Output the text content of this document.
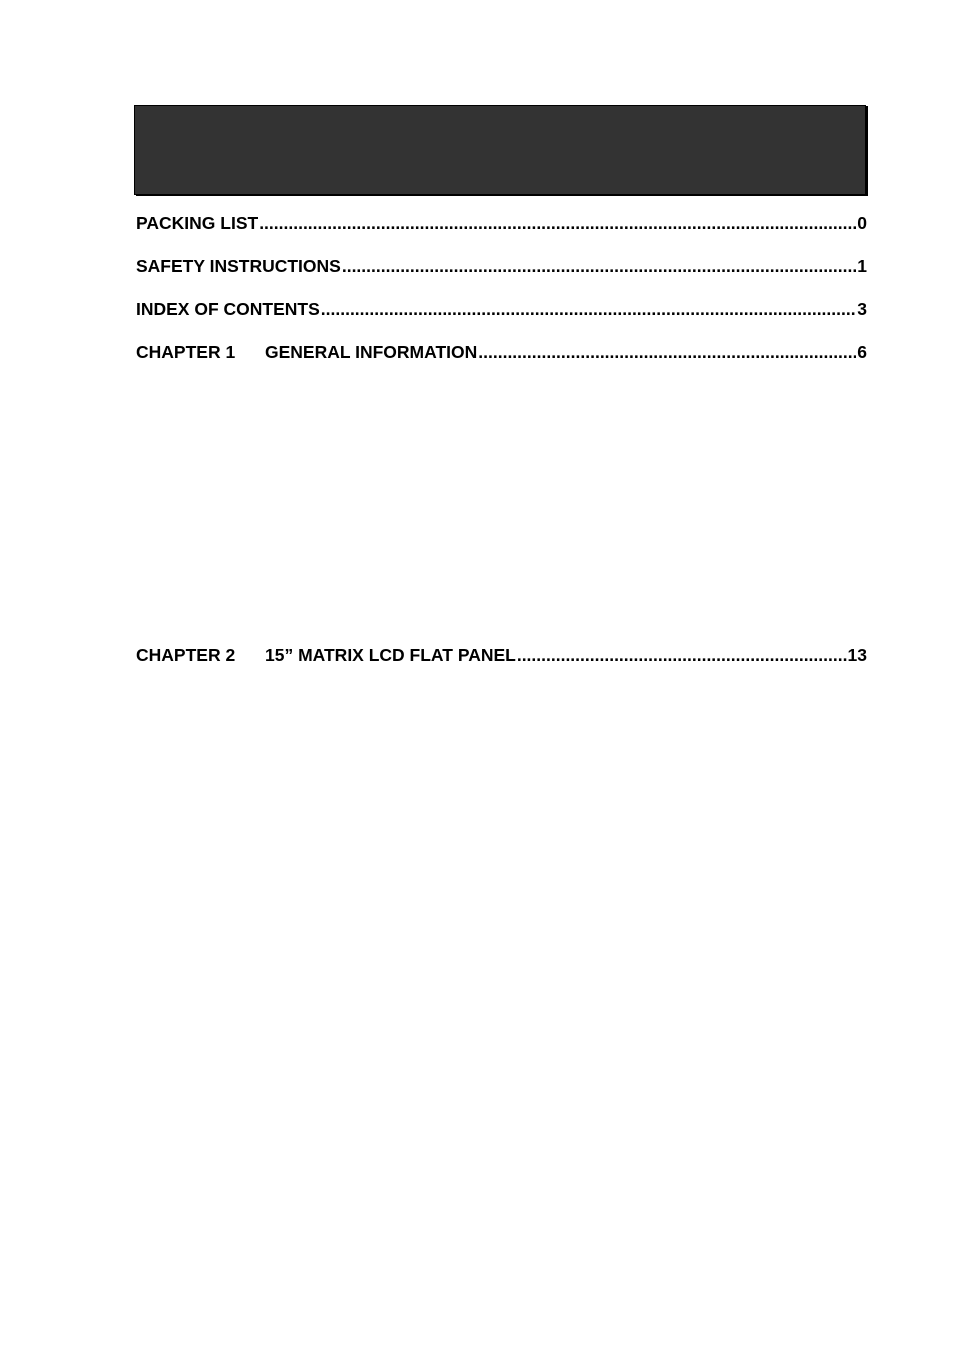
PACKING LIST .....	0
SAFETY INSTRUCTIONS .....	1
INDEX OF CONTENTS .....	3
CHAPTER 1	GENERAL INFORMATION .....	6
CHAPTER 2	15” MATRIX LCD FLAT PANEL .....	13
